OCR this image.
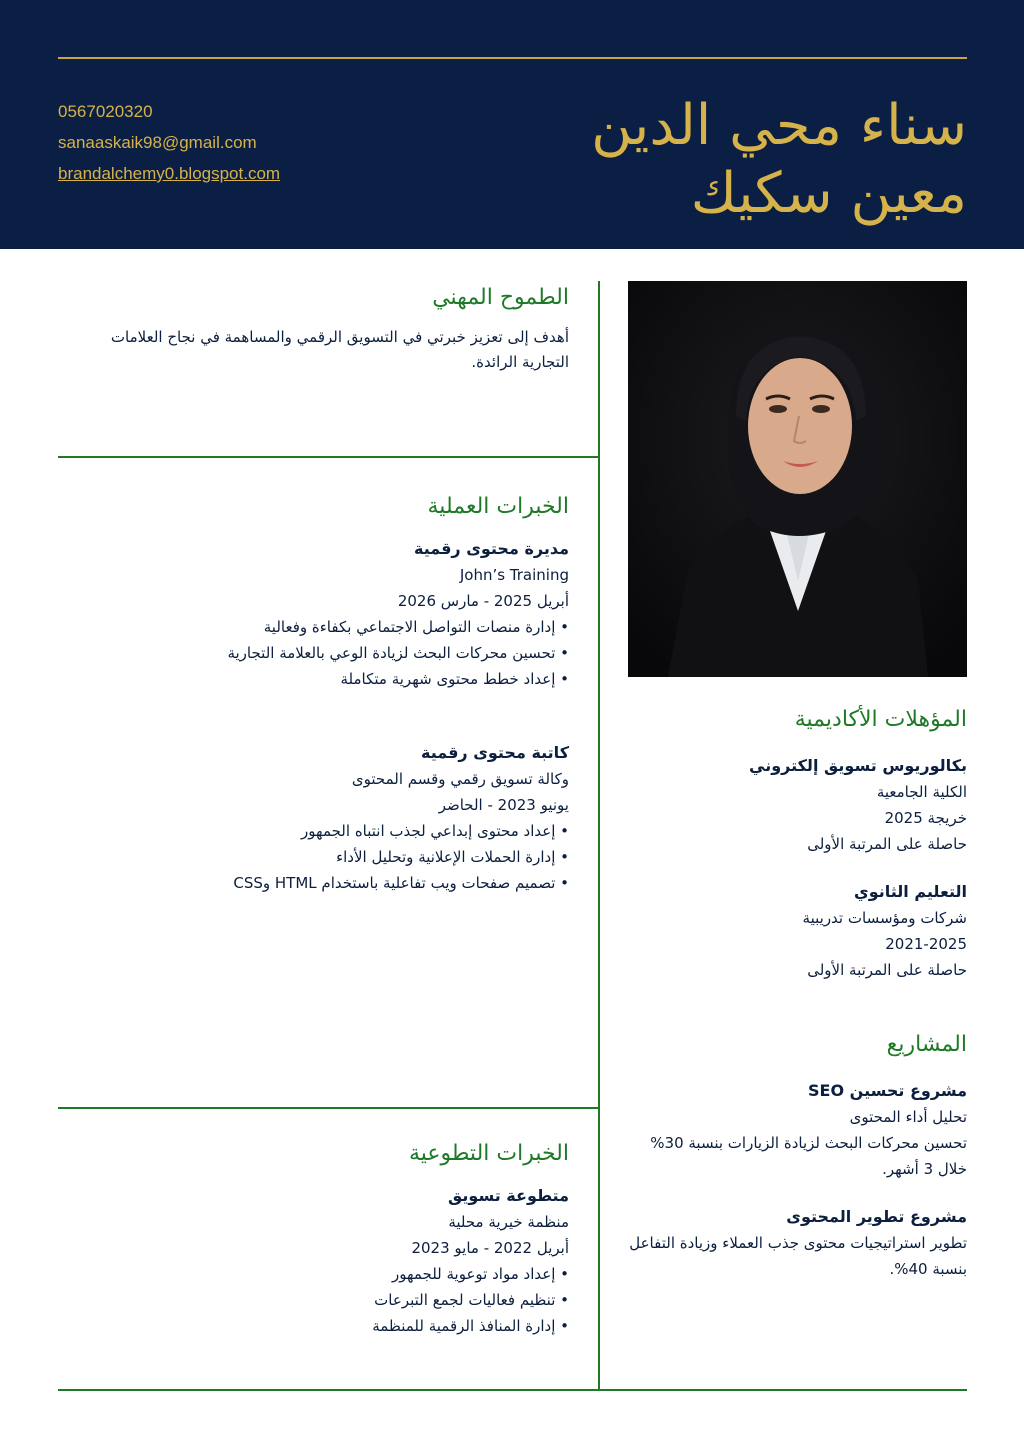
0567020320
sanaaskaik98@gmail.com
brandalchemy0.blogspot.com
سناء محي الدين
معين سكيك
الطموح المهني
أهدف إلى تعزيز خبرتي في التسويق الرقمي والمساهمة في نجاح العلامات التجارية الرائدة.
الخبرات العملية
مديرة محتوى رقمية
John’s Training
أبريل 2025 - مارس 2026
• إدارة منصات التواصل الاجتماعي بكفاءة وفعالية
• تحسين محركات البحث لزيادة الوعي بالعلامة التجارية
• إعداد خطط محتوى شهرية متكاملة
كاتبة محتوى رقمية
وكالة تسويق رقمي وقسم المحتوى
يونيو 2023 - الحاضر
• إعداد محتوى إبداعي لجذب انتباه الجمهور
• إدارة الحملات الإعلانية وتحليل الأداء
• تصميم صفحات ويب تفاعلية باستخدام HTML وCSS
الخبرات التطوعية
متطوعة تسويق
منظمة خيرية محلية
أبريل 2022 - مايو 2023
• إعداد مواد توعوية للجمهور
• تنظيم فعاليات لجمع التبرعات
• إدارة المنافذ الرقمية للمنظمة
المؤهلات الأكاديمية
بكالوريوس تسويق إلكتروني
الكلية الجامعية
خريجة 2025
حاصلة على المرتبة الأولى
التعليم الثانوي
شركات ومؤسسات تدريبية
2021-2025
حاصلة على المرتبة الأولى
المشاريع
مشروع تحسين SEO
تحليل أداء المحتوى
تحسين محركات البحث لزيادة الزيارات بنسبة 30% خلال 3 أشهر.
مشروع تطوير المحتوى
تطوير استراتيجيات محتوى جذب العملاء وزيادة التفاعل بنسبة 40%.
